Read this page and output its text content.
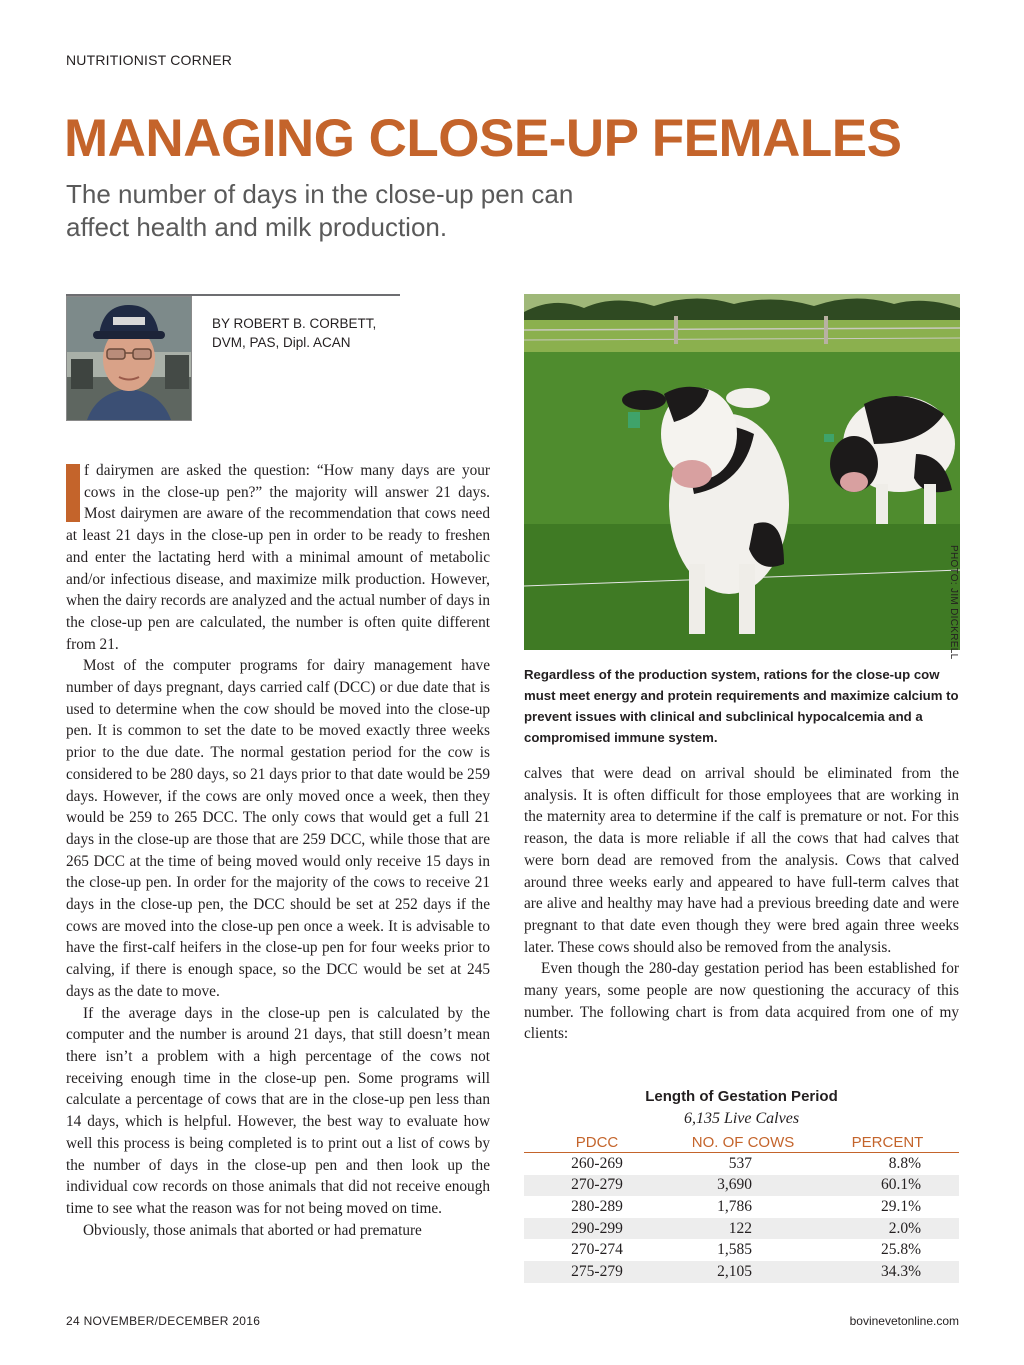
NUTRITIONIST CORNER
MANAGING CLOSE-UP FEMALES
The number of days in the close-up pen can affect health and milk production.
BY ROBERT B. CORBETT,
DVM, PAS, Dipl. ACAN

f dairymen are asked the question: “How many days are your cows in the close-up pen?” the majority will answer 21 days. Most dairymen are aware of the recommendation that cows need at least 21 days in the close-up pen in order to be ready to freshen and enter the lactating herd with a minimal amount of metabolic and/or infectious disease, and maximize milk production. However, when the dairy records are analyzed and the actual number of days in the close-up pen are calculated, the number is often quite different from 21.

Most of the computer programs for dairy management have number of days pregnant, days carried calf (DCC) or due date that is used to determine when the cow should be moved into the close-up pen. It is common to set the date to be moved exactly three weeks prior to the due date. The normal gestation period for the cow is considered to be 280 days, so 21 days prior to that date would be 259 days. However, if the cows are only moved once a week, then they would be 259 to 265 DCC. The only cows that would get a full 21 days in the close-up are those that are 259 DCC, while those that are 265 DCC at the time of being moved would only receive 15 days in the close-up pen. In order for the majority of the cows to receive 21 days in the close-up pen, the DCC should be set at 252 days if the cows are moved into the close-up pen once a week. It is advisable to have the first-calf heifers in the close-up pen for four weeks prior to calving, if there is enough space, so the DCC would be set at 245 days as the date to move.

If the average days in the close-up pen is calculated by the computer and the number is around 21 days, that still doesn’t mean there isn’t a problem with a high percentage of the cows not receiving enough time in the close-up pen. Some programs will calculate a percentage of cows that are in the close-up pen less than 14 days, which is helpful. However, the best way to evaluate how well this process is being completed is to print out a list of cows by the number of days in the close-up pen and then look up the individual cow records on those animals that did not receive enough time to see what the reason was for not being moved on time.

Obviously, those animals that aborted or had premature

PHOTO: JIM DICKRELL
Regardless of the production system, rations for the close-up cow must meet energy and protein requirements and maximize calcium to prevent issues with clinical and subclinical hypocalcemia and a compromised immune system.

calves that were dead on arrival should be eliminated from the analysis. It is often difficult for those employees that are working in the maternity area to determine if the calf is premature or not. For this reason, the data is more reliable if all the cows that had calves that were born dead are removed from the analysis. Cows that calved around three weeks early and appeared to have full-term calves that are alive and healthy may have had a previous breeding date and were pregnant to that date even though they were bred again three weeks later. These cows should also be removed from the analysis.

Even though the 280-day gestation period has been established for many years, some people are now questioning the accuracy of this number. The following chart is from data acquired from one of my clients:

Length of Gestation Period
6,135 Live Calves
PDCC	NO. OF COWS	PERCENT
260-269	537	8.8%
270-279	3,690	60.1%
280-289	1,786	29.1%
290-299	122	2.0%
270-274	1,585	25.8%
275-279	2,105	34.3%
24 NOVEMBER/DECEMBER 2016	bovinevetonline.com
